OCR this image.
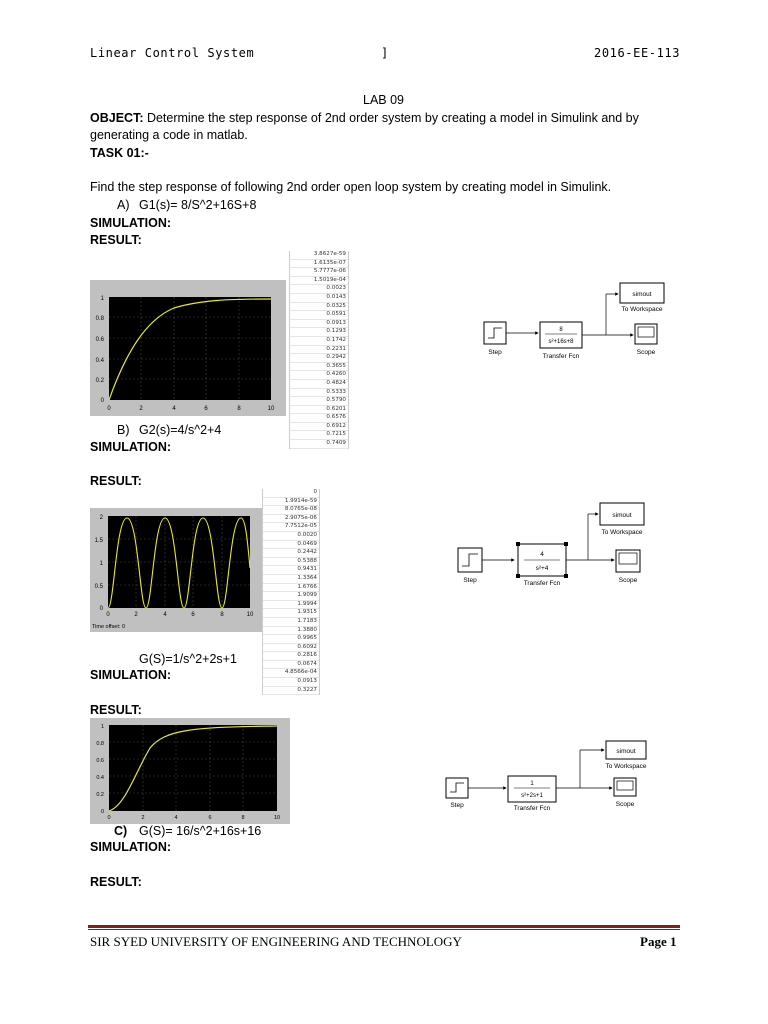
Linear Control System	]	2016-EE-113
LAB 09
OBJECT: Determine the step response of 2nd order system by creating a model in Simulink and by generating a code in matlab.
TASK 01:-
Find the step response of following 2nd order open loop system by creating model in Simulink.
A) G1(s)= 8/S^2+16S+8
SIMULATION:
RESULT:
1
0.8
0.6
0.4
0.2
0
0	2	4	6	8	10
3.8627e-59
1.6135e-07
5.7777e-06
1.5019e-04
0.0023
0.0143
0.0325
0.0591
0.0913
0.1293
0.1742
0.2231
0.2942
0.3655
0.4260
0.4824
0.5333
0.5790
0.6201
0.6576
0.6912
0.7215
0.7409
Step
8
s²+16s+8
Transfer Fcn
simout
To Workspace
Scope
B) G2(s)=4/s^2+4
SIMULATION:
RESULT:
2
1.5
1
0.5
0
0	2	4	6	8	10
Time offset: 0
0
1.9914e-59
8.0765e-08
2.9075e-06
7.7512e-05
0.0020
0.0469
0.2442
0.5388
0.9431
1.3364
1.6766
1.9099
1.9994
1.9315
1.7183
1.3880
0.9965
0.6092
0.2816
0.0674
4.8566e-04
0.0913
0.3227
Step
4
s²+4
Transfer Fcn
simout
To Workspace
Scope
G(S)=1/s^2+2s+1
SIMULATION:
RESULT:
1
0.8
0.6
0.4
0.2
0
0	2	4	6	8	10
Step
1
s²+2s+1
Transfer Fcn
simout
To Workspace
Scope
C) G(S)= 16/s^2+16s+16
SIMULATION:
RESULT:
SIR SYED UNIVERSITY OF ENGINEERING AND TECHNOLOGY	Page 1
